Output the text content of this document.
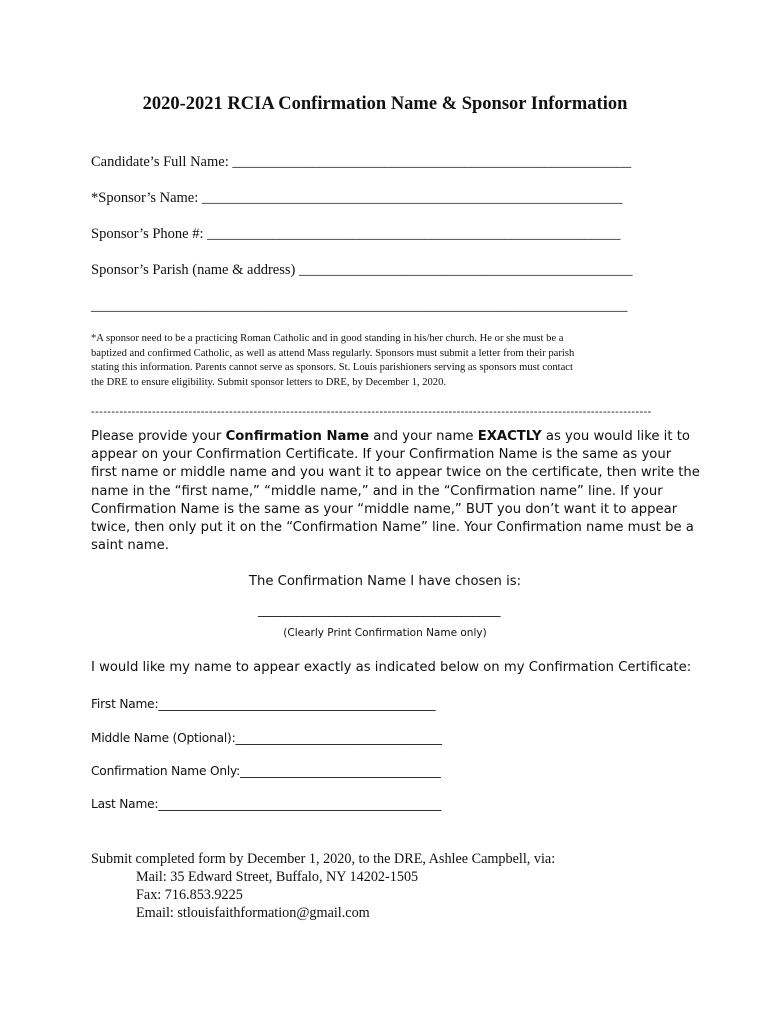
2020-2021 RCIA Confirmation Name & Sponsor Information
Candidate’s Full Name: _______________________________________________________
*Sponsor’s Name: __________________________________________________________
Sponsor’s Phone #: _________________________________________________________
Sponsor’s Parish (name & address) ______________________________________________
__________________________________________________________________________
*A sponsor need to be a practicing Roman Catholic and in good standing in his/her church. He or she must be a
baptized and confirmed Catholic, as well as attend Mass regularly. Sponsors must submit a letter from their parish
stating this information. Parents cannot serve as sponsors. St. Louis parishioners serving as sponsors must contact
the DRE to ensure eligibility. Submit sponsor letters to DRE, by December 1, 2020.
------------------------------------------------------------------------------------------------------------------------------------------
Please provide your Confirmation Name and your name EXACTLY as you would like it to
appear on your Confirmation Certificate. If your Confirmation Name is the same as your
first name or middle name and you want it to appear twice on the certificate, then write the
name in the “first name,” “middle name,” and in the “Confirmation name” line. If your
Confirmation Name is the same as your “middle name,” BUT you don’t want it to appear
twice, then only put it on the “Confirmation Name” line. Your Confirmation name must be a
saint name.
The Confirmation Name I have chosen is:
____________________________________________
(Clearly Print Confirmation Name only)
I would like my name to appear exactly as indicated below on my Confirmation Certificate:
First Name:_______________________________________________
Middle Name (Optional):___________________________________
Confirmation Name Only:__________________________________
Last Name:________________________________________________
Submit completed form by December 1, 2020, to the DRE, Ashlee Campbell, via:
Mail: 35 Edward Street, Buffalo, NY 14202-1505
Fax: 716.853.9225
Email: stlouisfaithformation@gmail.com
